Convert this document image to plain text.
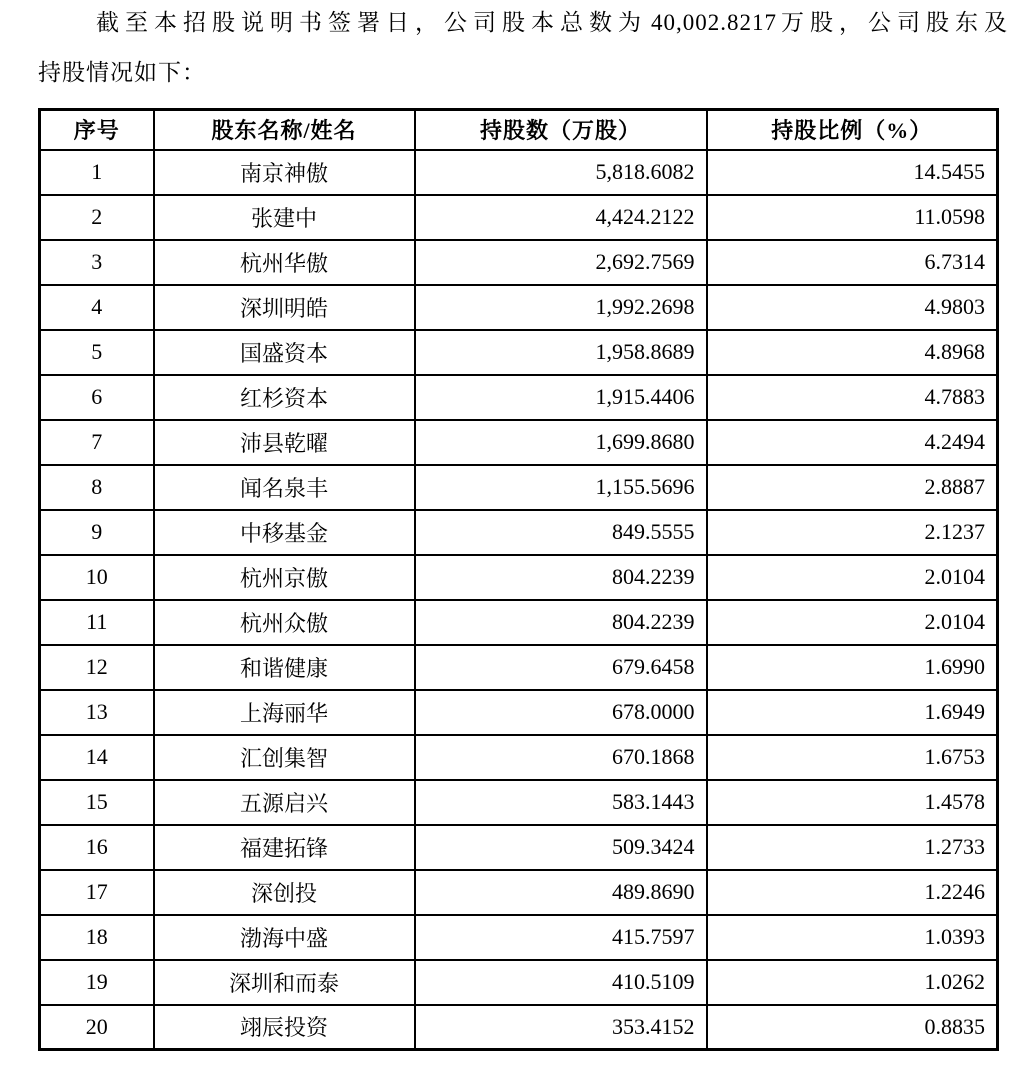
截至本招股说明书签署日，公司股本总数为 40,002.8217 万股，公司股东及
持股情况如下：
序号	股东名称/姓名	持股数（万股）	持股比例（%）
1	南京神傲	5,818.6082	14.5455
2	张建中	4,424.2122	11.0598
3	杭州华傲	2,692.7569	6.7314
4	深圳明皓	1,992.2698	4.9803
5	国盛资本	1,958.8689	4.8968
6	红杉资本	1,915.4406	4.7883
7	沛县乾曜	1,699.8680	4.2494
8	闻名泉丰	1,155.5696	2.8887
9	中移基金	849.5555	2.1237
10	杭州京傲	804.2239	2.0104
11	杭州众傲	804.2239	2.0104
12	和谐健康	679.6458	1.6990
13	上海丽华	678.0000	1.6949
14	汇创集智	670.1868	1.6753
15	五源启兴	583.1443	1.4578
16	福建拓锋	509.3424	1.2733
17	深创投	489.8690	1.2246
18	渤海中盛	415.7597	1.0393
19	深圳和而泰	410.5109	1.0262
20	翊辰投资	353.4152	0.8835
